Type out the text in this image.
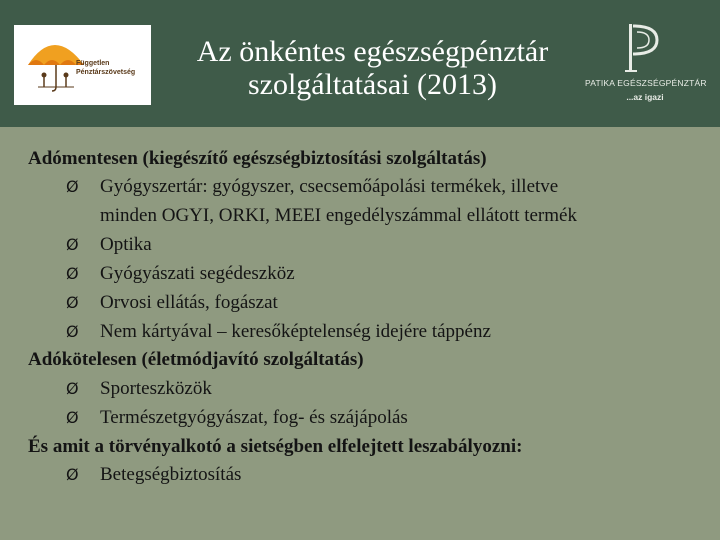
Független
Pénztárszövetség
Az önkéntes egészségpénztár
szolgáltatásai (2013)	PATIKA EGÉSZSÉGPÉNZTÁR
...az igazi
Adómentesen (kiegészítő egészségbiztosítási szolgáltatás)
Ø Gyógyszertár: gyógyszer, csecsemőápolási termékek, illetve
minden OGYI, ORKI, MEEI engedélyszámmal ellátott termék
Ø Optika
Ø Gyógyászati segédeszköz
Ø Orvosi ellátás, fogászat
Ø Nem kártyával – keresőképtelenség idejére táppénz
Adókötelesen (életmódjavító szolgáltatás)
Ø Sporteszközök
Ø Természetgyógyászat, fog- és szájápolás
És amit a törvényalkotó a sietségben elfelejtett leszabályozni:
Ø Betegségbiztosítás
